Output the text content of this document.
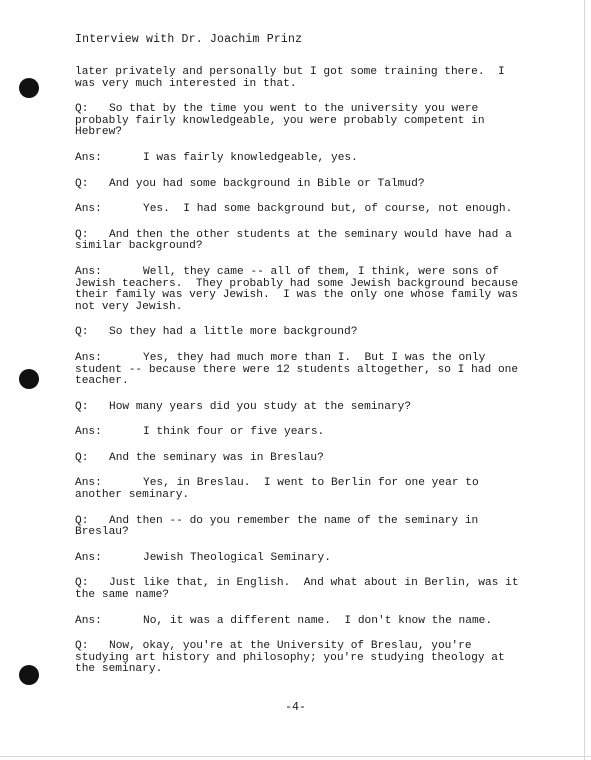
Interview with Dr. Joachim Prinz

later privately and personally but I got some training there.  I was very much interested in that.

Q: So that by the time you went to the university you were probably fairly knowledgeable, you were probably competent in Hebrew?

Ans:	I was fairly knowledgeable, yes.

Q: And you had some background in Bible or Talmud?

Ans:	Yes.  I had some background but, of course, not enough.

Q: And then the other students at the seminary would have had a similar background?

Ans:	Well, they came -- all of them, I think, were sons of Jewish teachers.  They probably had some Jewish background because their family was very Jewish.  I was the only one whose family was not very Jewish.

Q: So they had a little more background?

Ans:	Yes, they had much more than I.  But I was the only student -- because there were 12 students altogether, so I had one teacher.

Q: How many years did you study at the seminary?

Ans:	I think four or five years.

Q: And the seminary was in Breslau?

Ans:	Yes, in Breslau.  I went to Berlin for one year to another seminary.

Q: And then -- do you remember the name of the seminary in Breslau?

Ans:	Jewish Theological Seminary.

Q: Just like that, in English.  And what about in Berlin, was it the same name?

Ans:	No, it was a different name.  I don't know the name.

Q: Now, okay, you're at the University of Breslau, you're studying art history and philosophy; you're studying theology at the seminary.

-4-
